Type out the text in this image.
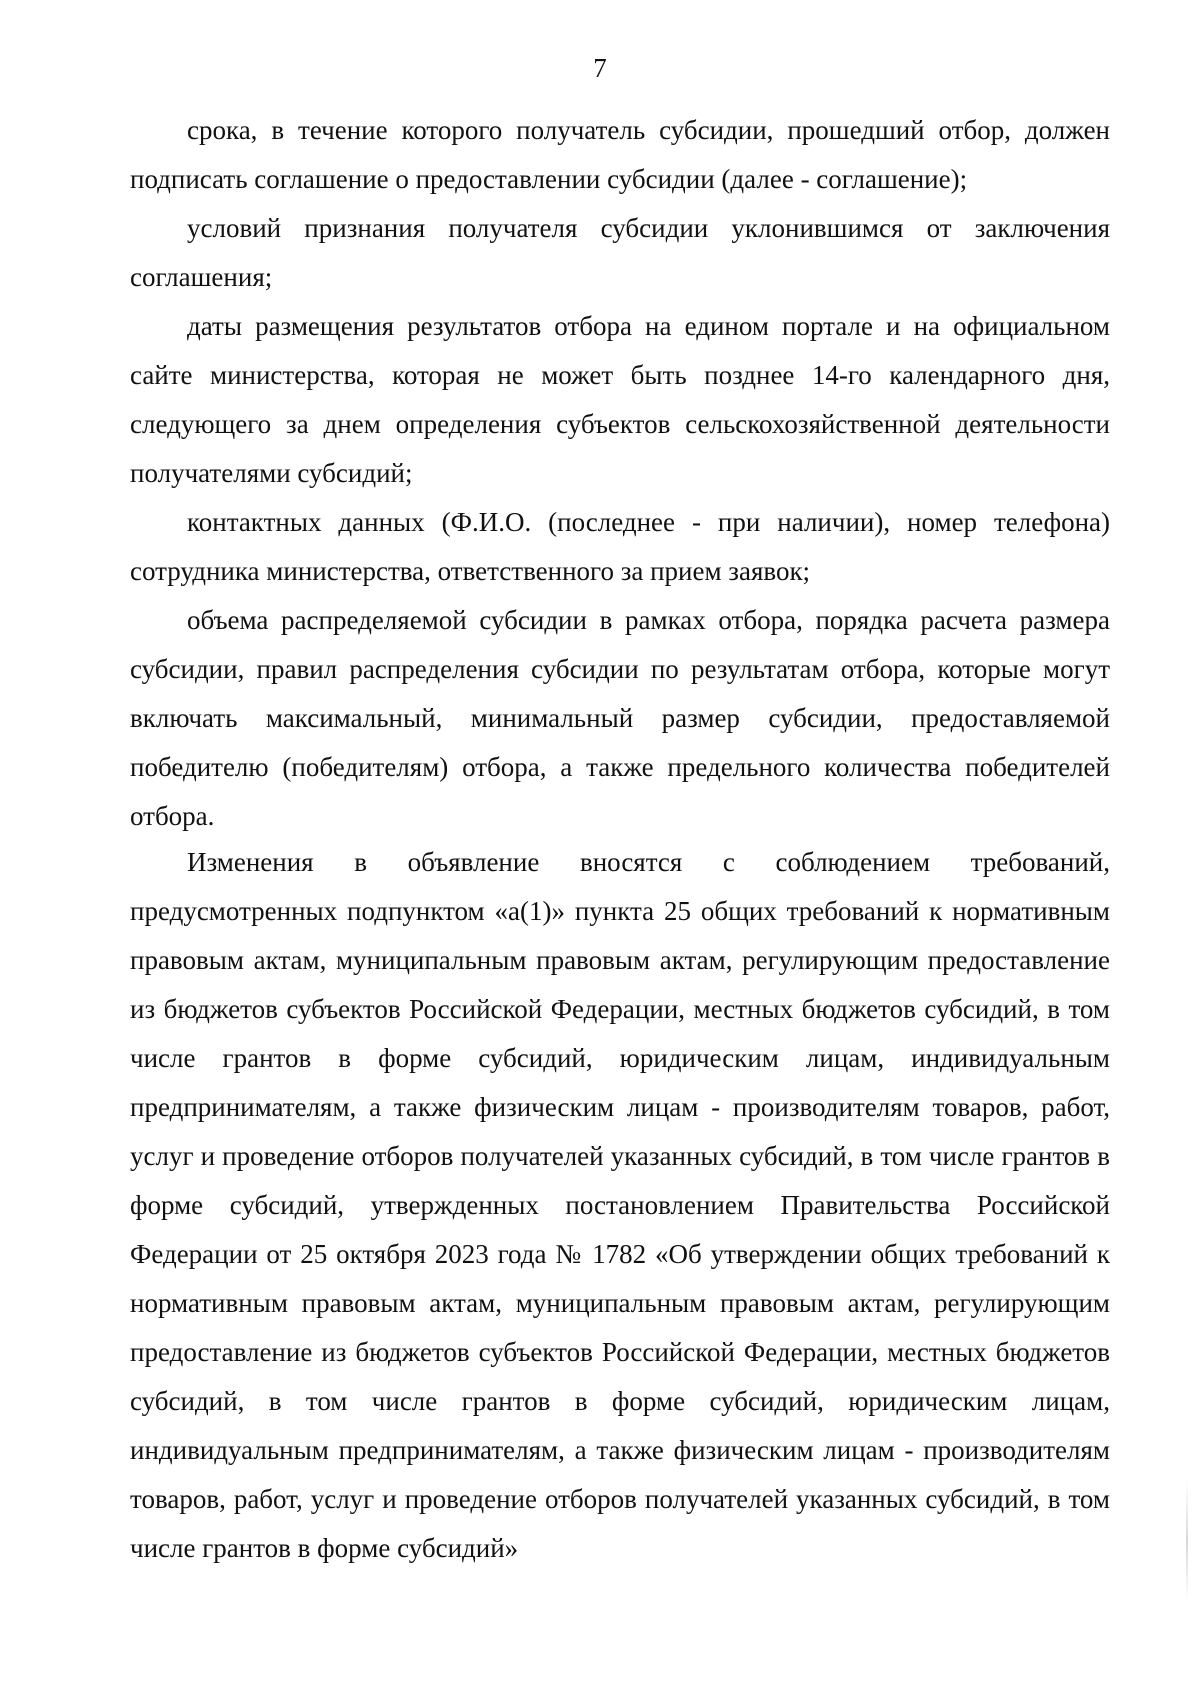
7

срока, в течение которого получатель субсидии, прошедший отбор, должен подписать соглашение о предоставлении субсидии (далее - соглашение);

условий признания получателя субсидии уклонившимся от заключения соглашения;

даты размещения результатов отбора на едином портале и на официальном сайте министерства, которая не может быть позднее 14-го календарного дня, следующего за днем определения субъектов сельскохозяйственной деятельности получателями субсидий;

контактных данных (Ф.И.О. (последнее - при наличии), номер телефона) сотрудника министерства, ответственного за прием заявок;

объема распределяемой субсидии в рамках отбора, порядка расчета размера субсидии, правил распределения субсидии по результатам отбора, которые могут включать максимальный, минимальный размер субсидии, предоставляемой победителю (победителям) отбора, а также предельного количества победителей отбора.

Изменения в объявление вносятся с соблюдением требований, предусмотренных подпунктом «а(1)» пункта 25 общих требований к нормативным правовым актам, муниципальным правовым актам, регулирующим предоставление из бюджетов субъектов Российской Федерации, местных бюджетов субсидий, в том числе грантов в форме субсидий, юридическим лицам, индивидуальным предпринимателям, а также физическим лицам - производителям товаров, работ, услуг и проведение отборов получателей указанных субсидий, в том числе грантов в форме субсидий, утвержденных постановлением Правительства Российской Федерации от 25 октября 2023 года № 1782 «Об утверждении общих требований к нормативным правовым актам, муниципальным правовым актам, регулирующим предоставление из бюджетов субъектов Российской Федерации, местных бюджетов субсидий, в том числе грантов в форме субсидий, юридическим лицам, индивидуальным предпринимателям, а также физическим лицам - производителям товаров, работ, услуг и проведение отборов получателей указанных субсидий, в том числе грантов в форме субсидий»
